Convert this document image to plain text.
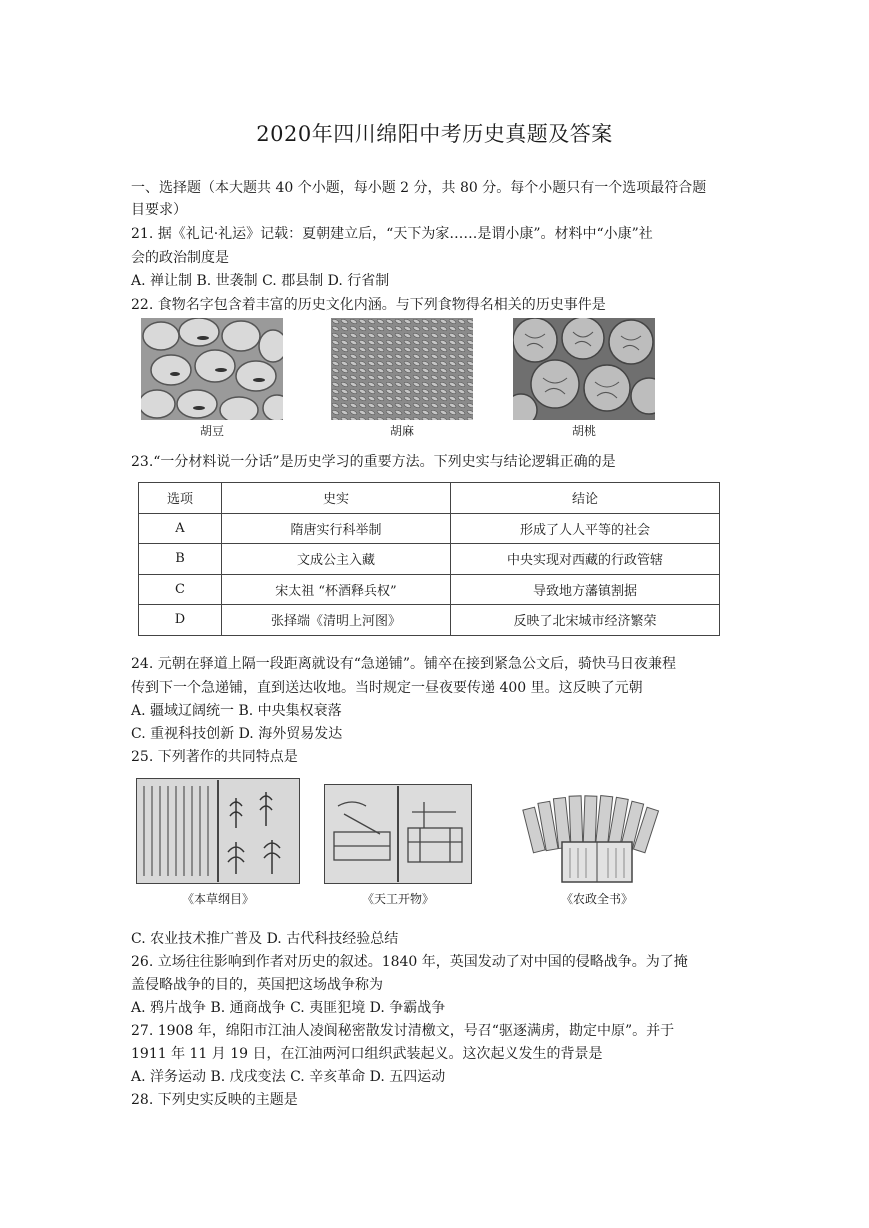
2020年四川绵阳中考历史真题及答案
一、选择题（本大题共 40 个小题，每小题 2 分，共 80 分。每个小题只有一个选项最符合题
目要求）
21. 据《礼记·礼运》记载：夏朝建立后，“天下为家……是谓小康”。材料中“小康”社
会的政治制度是
A. 禅让制 B. 世袭制 C. 郡县制 D. 行省制
22. 食物名字包含着丰富的历史文化内涵。与下列食物得名相关的历史事件是
胡豆	胡麻	胡桃
23.“一分材料说一分话”是历史学习的重要方法。下列史实与结论逻辑正确的是
选项	史实	结论
A	隋唐实行科举制	形成了人人平等的社会
B	文成公主入藏	中央实现对西藏的行政管辖
C	宋太祖 “杯酒释兵权”	导致地方藩镇割据
D	张择端《清明上河图》	反映了北宋城市经济繁荣
24. 元朝在驿道上隔一段距离就设有“急递铺”。铺卒在接到紧急公文后，骑快马日夜兼程
传到下一个急递铺，直到送达收地。当时规定一昼夜要传递 400 里。这反映了元朝
A. 疆域辽阔统一 B. 中央集权衰落
C. 重视科技创新 D. 海外贸易发达
25. 下列著作的共同特点是
《本草纲目》	《天工开物》	《农政全书》
C. 农业技术推广普及 D. 古代科技经验总结
26. 立场往往影响到作者对历史的叙述。1840 年，英国发动了对中国的侵略战争。为了掩
盖侵略战争的目的，英国把这场战争称为
A. 鸦片战争 B. 通商战争 C. 夷匪犯境 D. 争霸战争
27. 1908 年，绵阳市江油人凌阆秘密散发讨清檄文，号召“驱逐满虏，勘定中原”。并于
1911 年 11 月 19 日，在江油两河口组织武装起义。这次起义发生的背景是
A. 洋务运动 B. 戊戌变法 C. 辛亥革命 D. 五四运动
28. 下列史实反映的主题是
